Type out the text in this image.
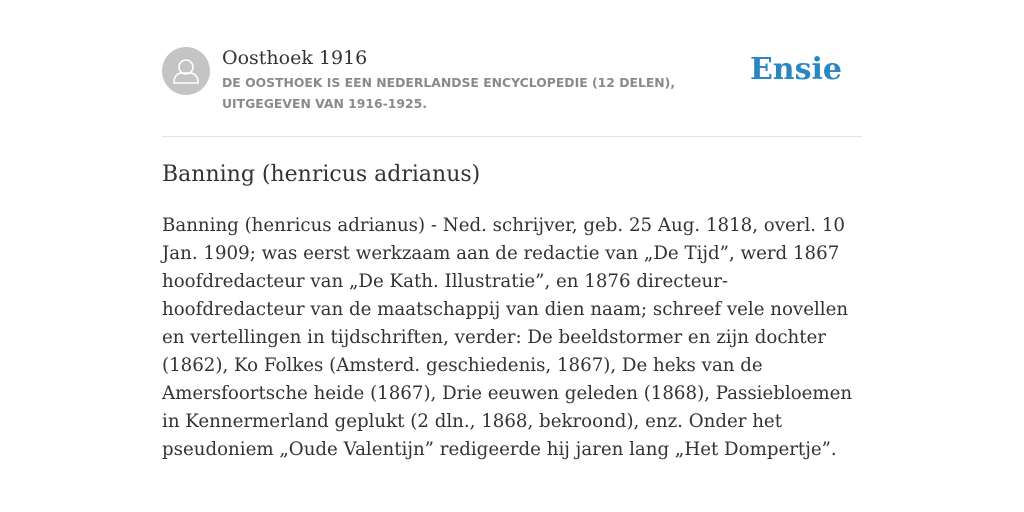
Oosthoek 1916
DE OOSTHOEK IS EEN NEDERLANDSE ENCYCLOPEDIE (12 DELEN), UITGEGEVEN VAN 1916-1925.
Ensie
Banning (henricus adrianus)

Banning (henricus adrianus) - Ned. schrijver, geb. 25 Aug. 1818, overl. 10 Jan. 1909; was eerst werkzaam aan de redactie van „De Tijd”, werd 1867 hoofdredacteur van „De Kath. Illustratie”, en 1876 directeur-hoofdredacteur van de maatschappij van dien naam; schreef vele novellen en vertellingen in tijdschriften, verder: De beeldstormer en zijn dochter (1862), Ko Folkes (Amsterd. geschiedenis, 1867), De heks van de Amersfoortsche heide (1867), Drie eeuwen geleden (1868), Passiebloemen in Kennermerland geplukt (2 dln., 1868, bekroond), enz. Onder het pseudoniem „Oude Valentijn” redigeerde hij jaren lang „Het Dompertje”.
